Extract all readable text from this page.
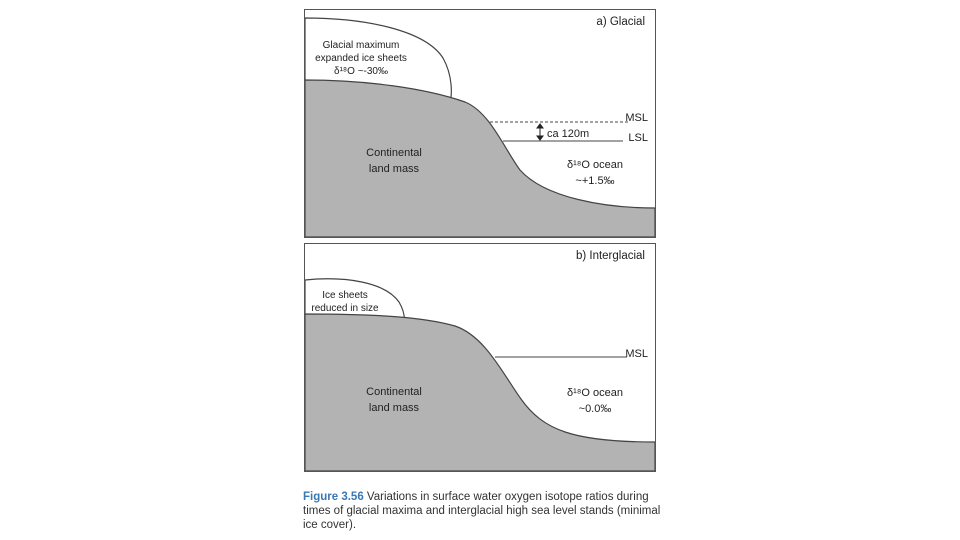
a) Glacial
Glacial maximum
expanded ice sheets
δ¹⁸O ~-30‰
MSL
ca 120m	LSL
Continental
land mass	δ¹⁸O ocean
~+1.5‰
b) Interglacial
Ice sheets
reduced in size
MSL
Continental
land mass
δ¹⁸O ocean
~0.0‰
Figure 3.56 Variations in surface water oxygen isotope ratios during times of glacial maxima and interglacial high sea level stands (minimal ice cover).
